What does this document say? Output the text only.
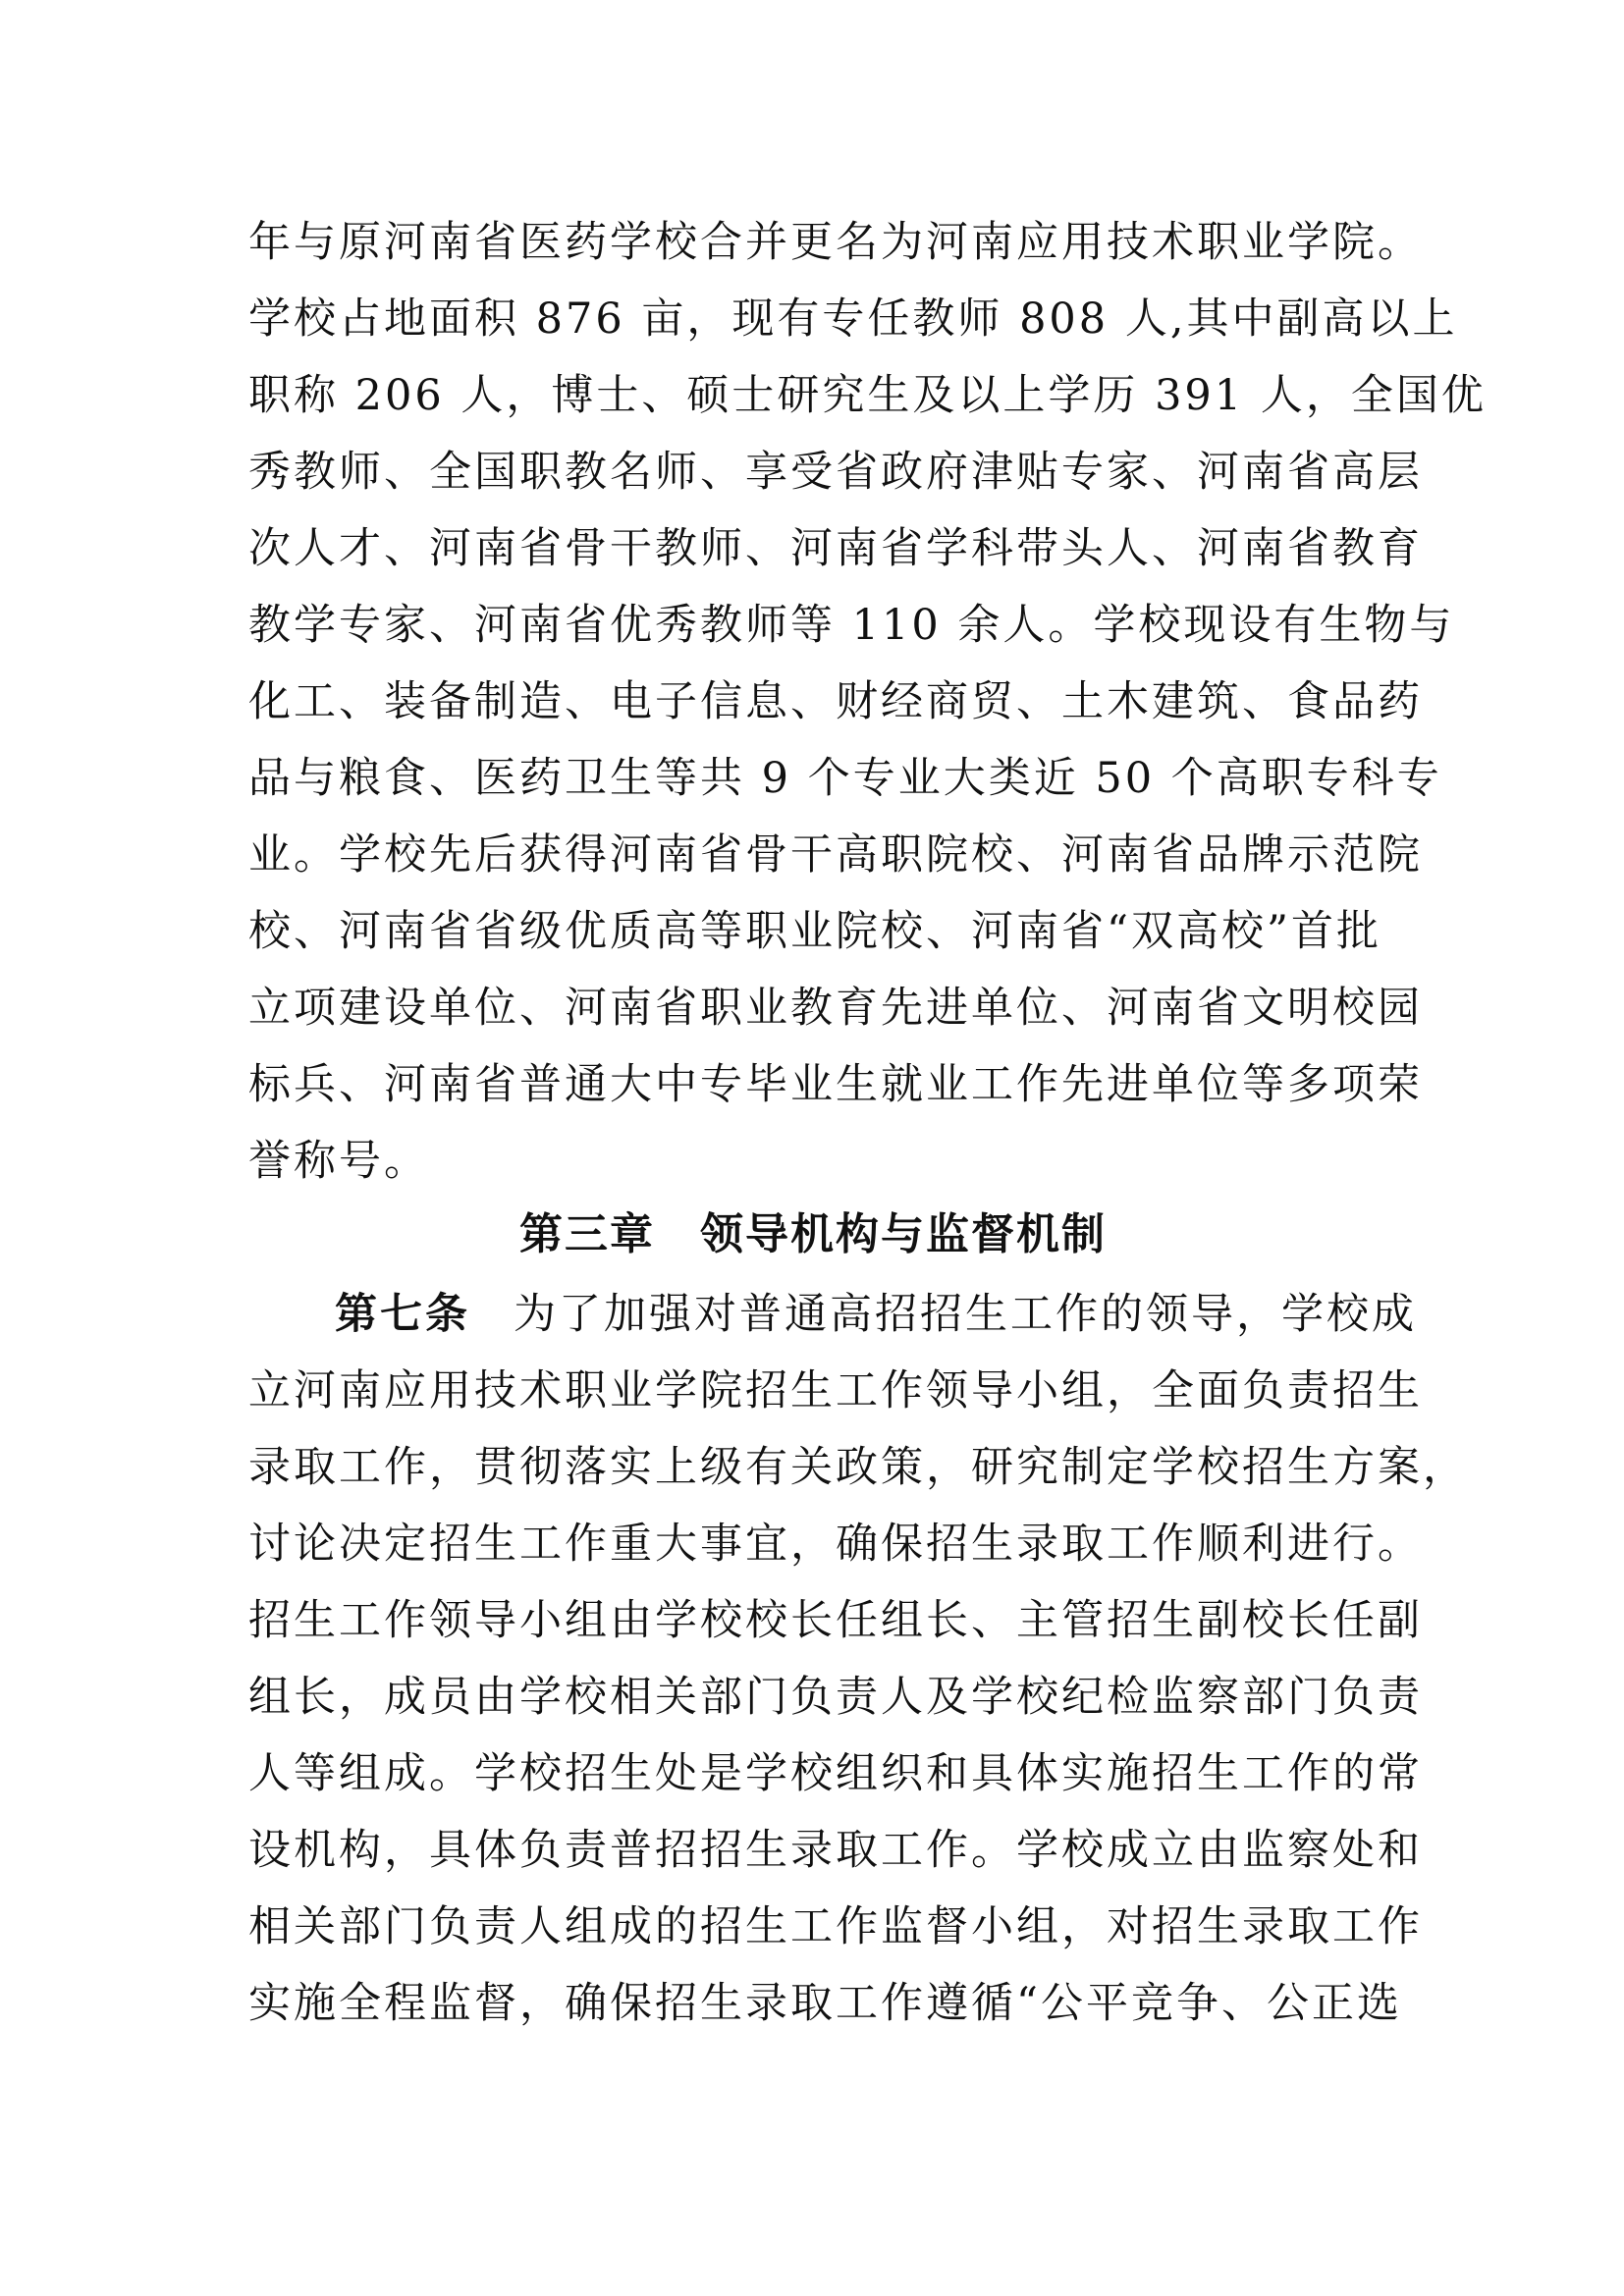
年与原河南省医药学校合并更名为河南应用技术职业学院。
学校占地面积 876 亩，现有专任教师 808 人,其中副高以上
职称 206 人，博士、硕士研究生及以上学历 391 人，全国优
秀教师、全国职教名师、享受省政府津贴专家、河南省高层
次人才、河南省骨干教师、河南省学科带头人、河南省教育
教学专家、河南省优秀教师等 110 余人。学校现设有生物与
化工、装备制造、电子信息、财经商贸、土木建筑、食品药
品与粮食、医药卫生等共 9 个专业大类近 50 个高职专科专
业。学校先后获得河南省骨干高职院校、河南省品牌示范院
校、河南省省级优质高等职业院校、河南省“双高校”首批
立项建设单位、河南省职业教育先进单位、河南省文明校园
标兵、河南省普通大中专毕业生就业工作先进单位等多项荣
誉称号。
第三章　领导机构与监督机制
第七条 为了加强对普通高招招生工作的领导，学校成
立河南应用技术职业学院招生工作领导小组，全面负责招生
录取工作，贯彻落实上级有关政策，研究制定学校招生方案，
讨论决定招生工作重大事宜，确保招生录取工作顺利进行。
招生工作领导小组由学校校长任组长、主管招生副校长任副
组长，成员由学校相关部门负责人及学校纪检监察部门负责
人等组成。学校招生处是学校组织和具体实施招生工作的常
设机构，具体负责普招招生录取工作。学校成立由监察处和
相关部门负责人组成的招生工作监督小组，对招生录取工作
实施全程监督，确保招生录取工作遵循“公平竞争、公正选
